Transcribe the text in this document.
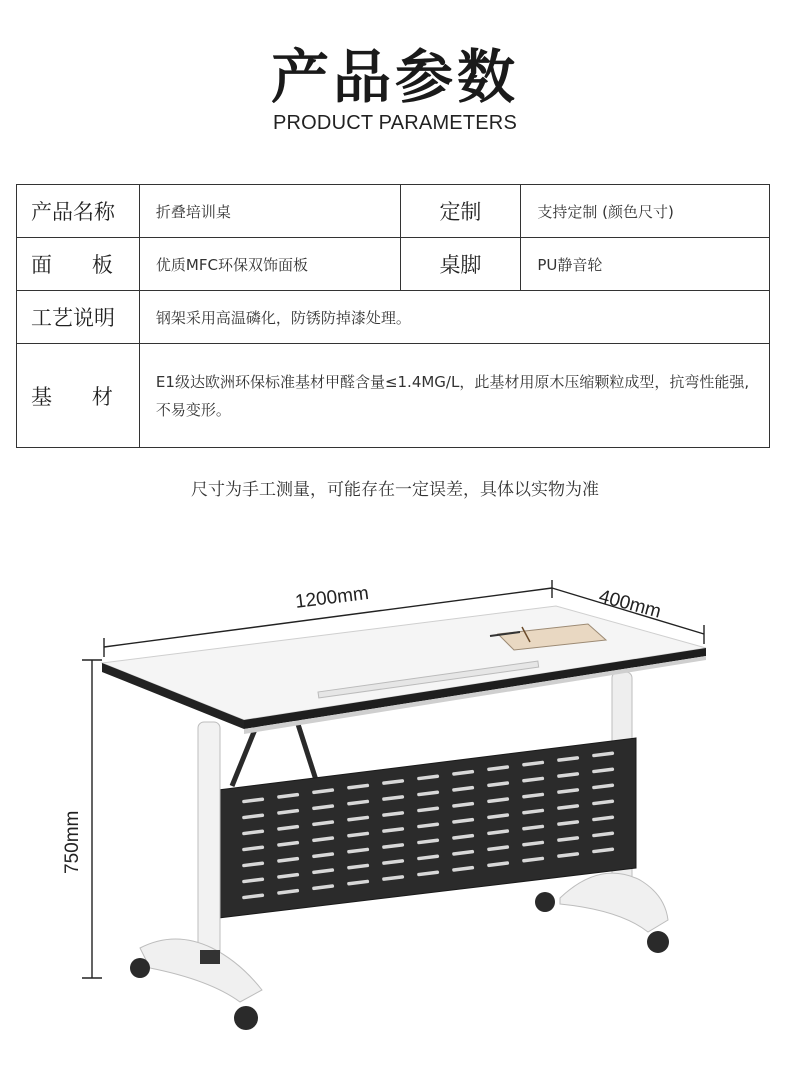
产品参数
PRODUCT PARAMETERS
产品名称	折叠培训桌	定制	支持定制 (颜色尺寸)

面 板	优质MFC环保双饰面板	桌脚	PU静音轮
工艺说明	钢架采用高温磷化，防锈防掉漆处理。		

基 材	E1级达欧洲环保标准基材甲醛含量≤1.4MG/L，此基材用原木压缩颗粒成型，抗弯性能强,不易变形。		
尺寸为手工测量，可能存在一定误差，具体以实物为准
1200mm	400mm
750mm
